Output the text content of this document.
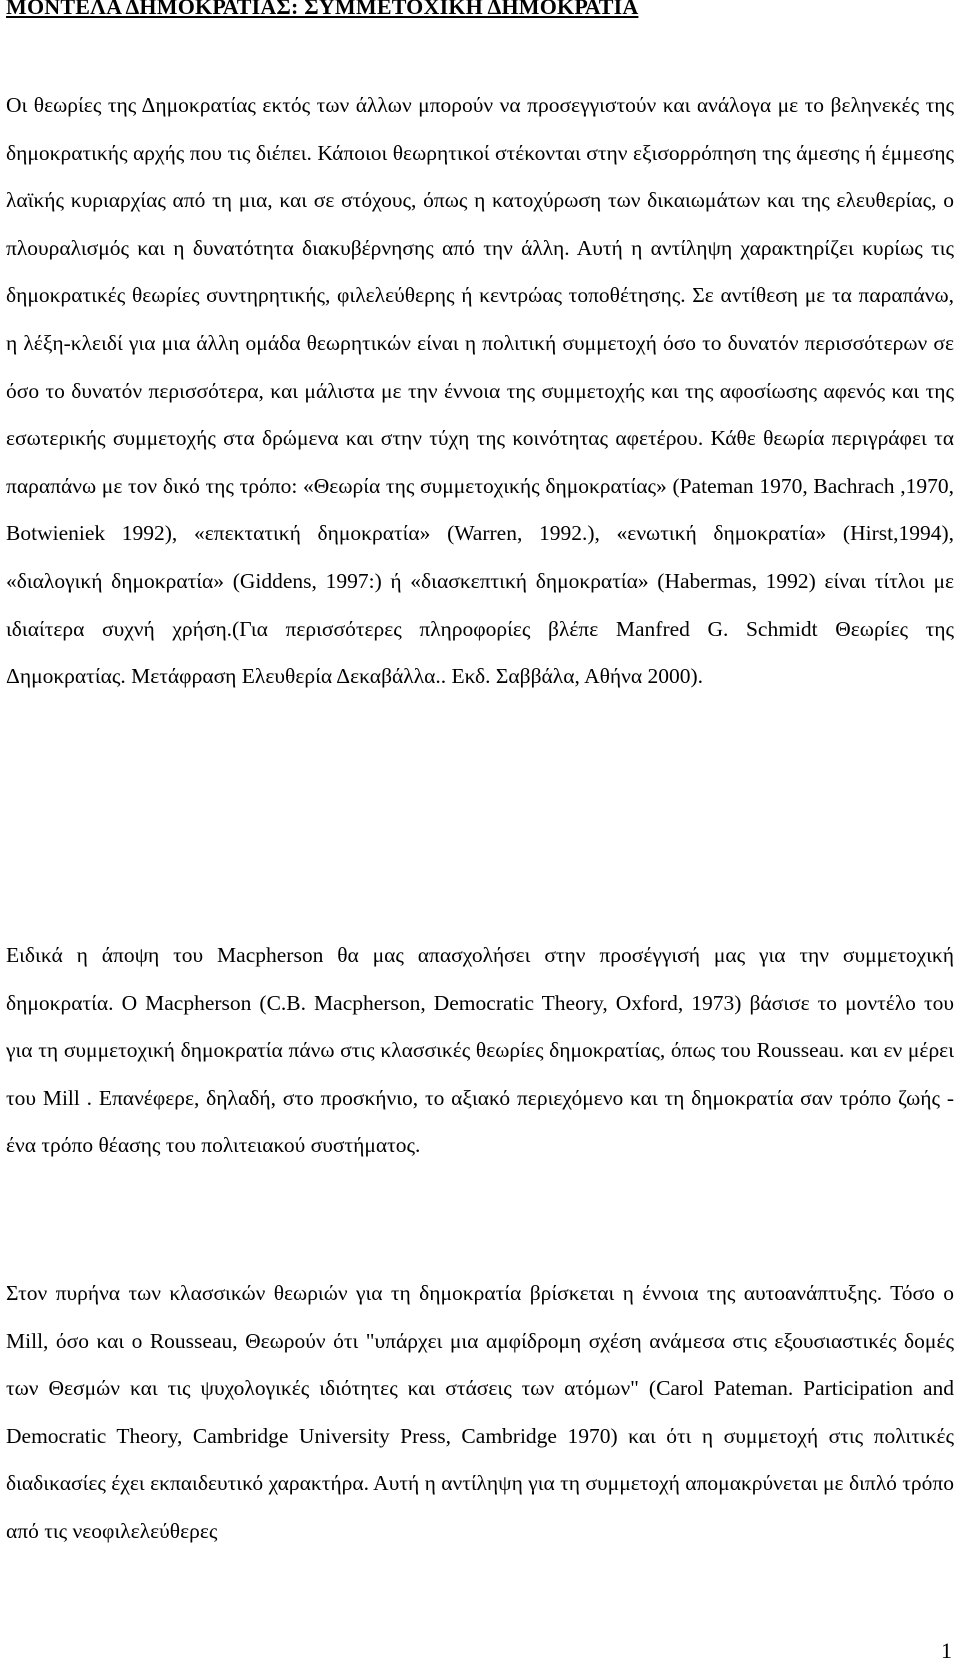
ΜΟΝΤΕΛΑ ΔΗΜΟΚΡΑΤΙΑΣ: ΣΥΜΜΕΤΟΧΙΚΗ ΔΗΜΟΚΡΑΤΙΑ

Οι θεωρίες της Δημοκρατίας εκτός των άλλων μπορούν να προσεγγιστούν και ανάλογα με το βεληνεκές της δημοκρατικής αρχής που τις διέπει. Κάποιοι θεωρητικοί στέκονται στην εξισορρόπηση της άμεσης ή έμμεσης λαϊκής κυριαρχίας από τη μια, και σε στόχους, όπως η κατοχύρωση των δικαιωμάτων και της ελευθερίας, ο πλουραλισμός και η δυνατότητα διακυβέρνησης από την άλλη. Αυτή η αντίληψη χαρακτηρίζει κυρίως τις δημοκρατικές θεωρίες συντηρητικής, φιλελεύθερης ή κεντρώας τοποθέτησης. Σε αντίθεση με τα παραπάνω, η λέξη-κλειδί για μια άλλη ομάδα θεωρητικών είναι η πολιτική συμμετοχή όσο το δυνατόν περισσότερων σε όσο το δυνατόν περισσότερα, και μάλιστα με την έννοια της συμμετοχής και της αφοσίωσης αφενός και της εσωτερικής συμμετοχής στα δρώμενα και στην τύχη της κοινότητας αφετέρου. Κάθε θεωρία περιγράφει τα παραπάνω με τον δικό της τρόπο: «Θεωρία της συμμετοχικής δημοκρατίας» (Pateman 1970, Bachrach ,1970, Botwieniek 1992), «επεκτατική δημοκρατία» (Warren, 1992.), «ενωτική δημοκρατία» (Hirst,1994), «διαλογική δημοκρατία» (Giddens, 1997:) ή «διασκεπτική δημοκρατία» (Habermas, 1992) είναι τίτλοι με ιδιαίτερα συχνή χρήση.(Για περισσότερες πληροφορίες βλέπε Manfred G. Schmidt Θεωρίες της Δημοκρατίας. Μετάφραση Ελευθερία Δεκαβάλλα.. Εκδ. Σαββάλα, Αθήνα 2000).

Ειδικά η άποψη του Macpherson θα μας απασχολήσει στην προσέγγισή μας για την συμμετοχική δημοκρατία. O Macpherson (C.B. Macpherson, Democratic Theory, Oxford, 1973) βάσισε το μοντέλο του για τη συμμετοχική δημοκρατία πάνω στις κλασσικές θεωρίες δημοκρατίας, όπως του Rousseau. και εν μέρει του Mill . Επανέφερε, δηλαδή, στο προσκήνιο, το αξιακό περιεχόμενο και τη δημοκρατία σαν τρόπο ζωής - ένα τρόπο θέασης του πολιτειακού συστήματος.

Στον πυρήνα των κλασσικών θεωριών για τη δημοκρατία βρίσκεται η έννοια της αυτοανάπτυξης. Τόσο ο Mill, όσο και ο Rousseau, Θεωρούν ότι "υπάρχει μια αμφίδρομη σχέση ανάμεσα στις εξουσιαστικές δομές των Θεσμών και τις ψυχολογικές ιδιότητες και στάσεις των ατόμων" (Carol Pateman. Participation and Democratic Theory, Cambridge University Press, Cambridge 1970) και ότι η συμμετοχή στις πολιτικές διαδικασίες έχει εκπαιδευτικό χαρακτήρα. Αυτή η αντίληψη για τη συμμετοχή απομακρύνεται με διπλό τρόπο από τις νεοφιλελεύθερες

1
